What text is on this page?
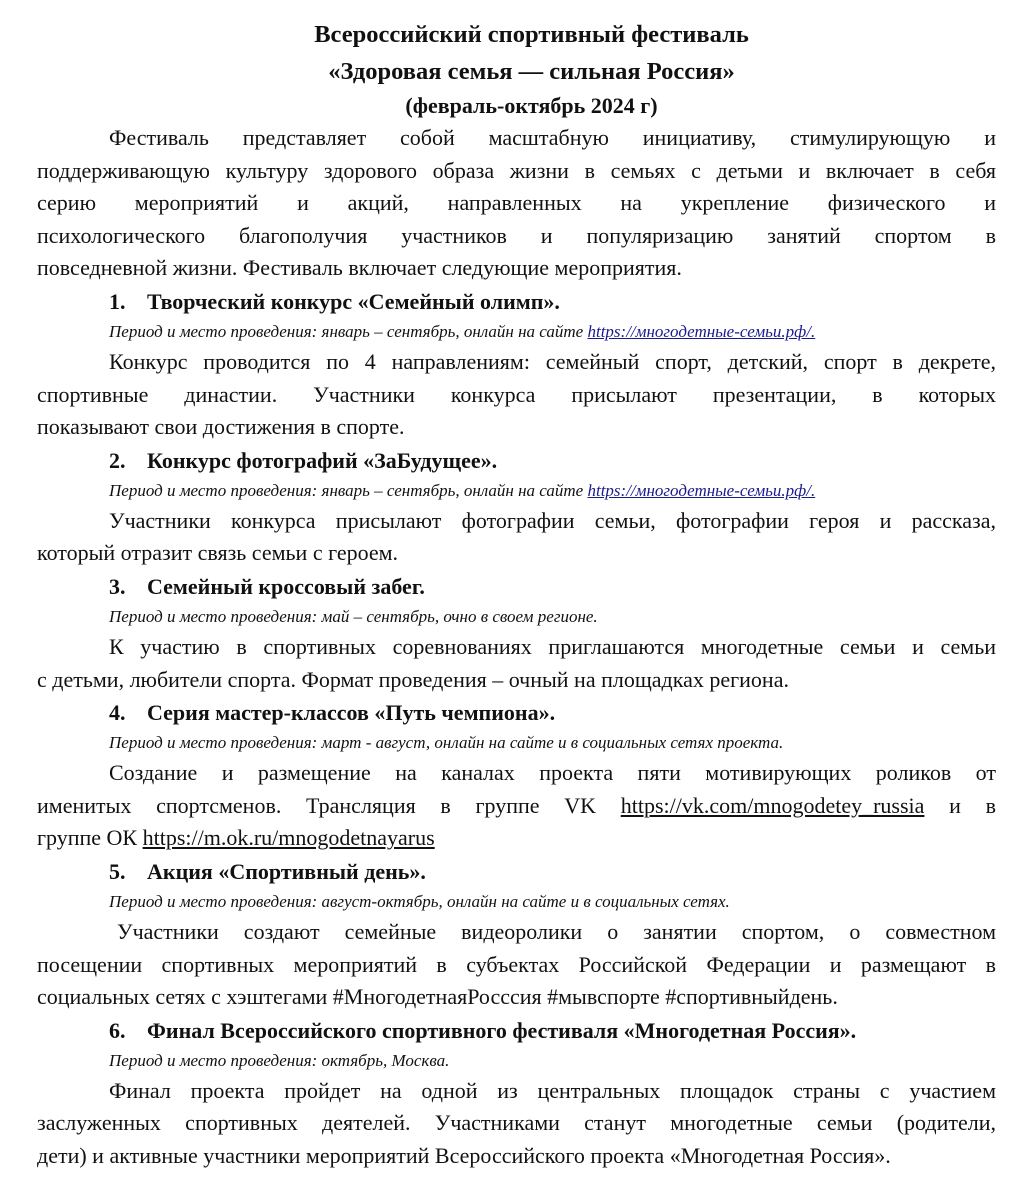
Всероссийский спортивный фестиваль

«Здоровая семья — сильная Россия»

(февраль-октябрь 2024 г)

Фестиваль представляет собой масштабную инициативу, стимулирующую и
поддерживающую культуру здорового образа жизни в семьях с детьми и включает в себя
серию мероприятий и акций, направленных на укрепление физического и
психологического благополучия участников и популяризацию занятий спортом в
повседневной жизни. Фестиваль включает следующие мероприятия.

1. Творческий конкурс «Семейный олимп».

Период и место проведения: январь – сентябрь, онлайн на сайте https://многодетные-семьи.рф/.

Конкурс проводится по 4 направлениям: семейный спорт, детский, спорт в декрете,
спортивные династии. Участники конкурса присылают презентации, в которых
показывают свои достижения в спорте.

2. Конкурс фотографий «ЗаБудущее».

Период и место проведения: январь – сентябрь, онлайн на сайте https://многодетные-семьи.рф/.

Участники конкурса присылают фотографии семьи, фотографии героя и рассказа,
который отразит связь семьи с героем.

3. Семейный кроссовый забег.

Период и место проведения: май – сентябрь, очно в своем регионе.

К участию в спортивных соревнованиях приглашаются многодетные семьи и семьи
с детьми, любители спорта. Формат проведения – очный на площадках региона.

4. Серия мастер-классов «Путь чемпиона».

Период и место проведения: март - август, онлайн на сайте и в социальных сетях проекта.

Создание и размещение на каналах проекта пяти мотивирующих роликов от
именитых спортсменов. Трансляция в группе VK https://vk.com/mnogodetey_russia и в
группе ОК https://m.ok.ru/mnogodetnayarus

5. Акция «Спортивный день».

Период и место проведения: август-октябрь, онлайн на сайте и в социальных сетях.

Участники создают семейные видеоролики о занятии спортом, о совместном
посещении спортивных мероприятий в субъектах Российской Федерации и размещают в
социальных сетях с хэштегами #МногодетнаяРосссия #мывспорте #спортивныйдень.

6. Финал Всероссийского спортивного фестиваля «Многодетная Россия».

Период и место проведения: октябрь, Москва.

Финал проекта пройдет на одной из центральных площадок страны с участием
заслуженных спортивных деятелей. Участниками станут многодетные семьи (родители,
дети) и активные участники мероприятий Всероссийского проекта «Многодетная Россия».
